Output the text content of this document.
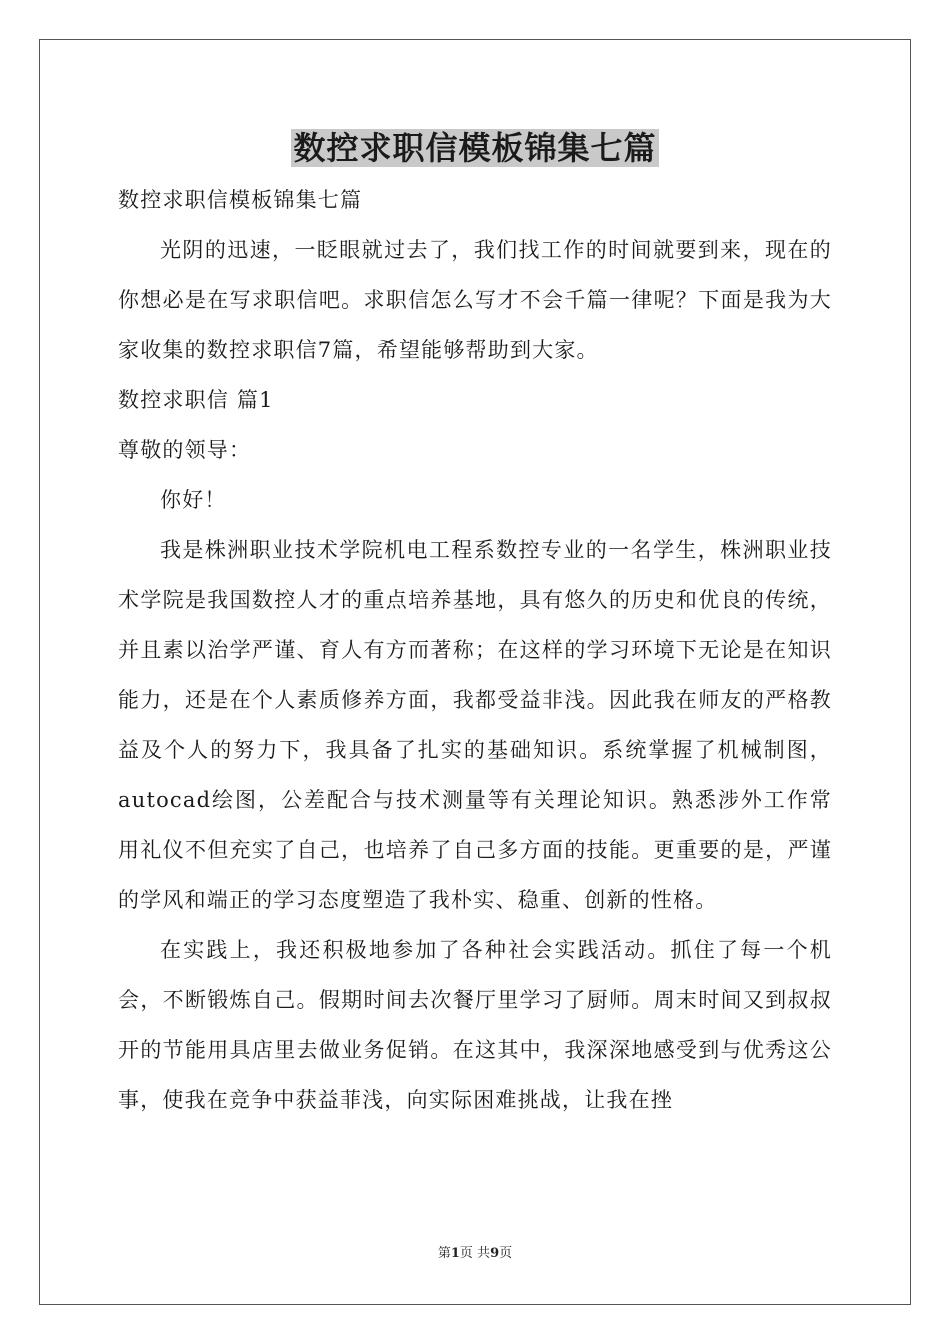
数控求职信模板锦集七篇

数控求职信模板锦集七篇

光阴的迅速，一眨眼就过去了，我们找工作的时间就要到来，现在的你想必是在写求职信吧。求职信怎么写才不会千篇一律呢？下面是我为大家收集的数控求职信7篇，希望能够帮助到大家。

数控求职信 篇1

尊敬的领导：

你好！

我是株洲职业技术学院机电工程系数控专业的一名学生，株洲职业技术学院是我国数控人才的重点培养基地，具有悠久的历史和优良的传统，并且素以治学严谨、育人有方而著称；在这样的学习环境下无论是在知识能力，还是在个人素质修养方面，我都受益非浅。因此我在师友的严格教益及个人的努力下，我具备了扎实的基础知识。系统掌握了机械制图，autocad绘图，公差配合与技术测量等有关理论知识。熟悉涉外工作常用礼仪不但充实了自己，也培养了自己多方面的技能。更重要的是，严谨的学风和端正的学习态度塑造了我朴实、稳重、创新的性格。

在实践上，我还积极地参加了各种社会实践活动。抓住了每一个机会，不断锻炼自己。假期时间去次餐厅里学习了厨师。周末时间又到叔叔开的节能用具店里去做业务促销。在这其中，我深深地感受到与优秀这公事，使我在竞争中获益菲浅，向实际困难挑战，让我在挫

第1页 共9页
